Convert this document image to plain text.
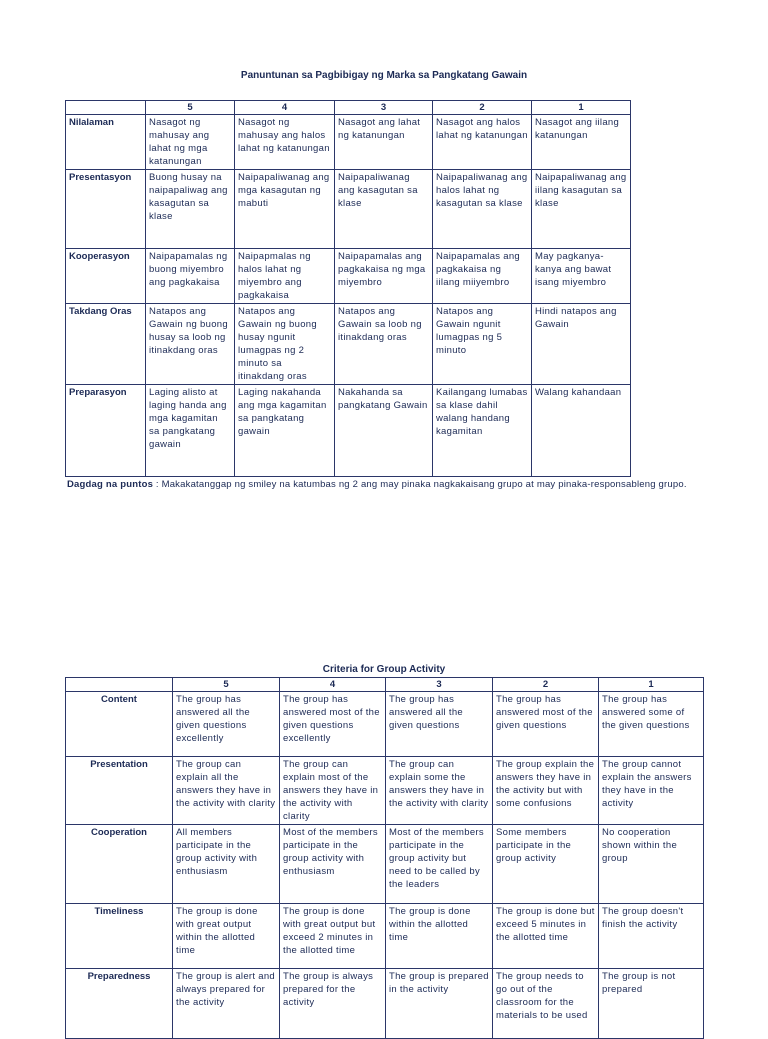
Panuntunan sa Pagbibigay ng Marka sa Pangkatang Gawain
	5	4	3	2	1
Nilalaman	Nasagot ng mahusay ang lahat ng mga katanungan	Nasagot ng mahusay ang halos lahat ng katanungan	Nasagot ang lahat ng katanungan	Nasagot ang halos lahat ng katanungan	Nasagot ang iilang katanungan
Presentasyon	Buong husay na naipapaliwag ang kasagutan sa klase	Naipapaliwanag ang mga kasagutan ng mabuti	Naipapaliwanag ang kasagutan sa klase	Naipapaliwanag ang halos lahat ng kasagutan sa klase	Naipapaliwanag ang iilang kasagutan sa klase
Kooperasyon	Naipapamalas ng buong miyembro ang pagkakaisa	Naipapmalas ng halos lahat ng miyembro ang pagkakaisa	Naipapamalas ang pagkakaisa ng mga miyembro	Naipapamalas ang pagkakaisa ng iilang miiyembro	May pagkanya-kanya ang bawat isang miyembro
Takdang Oras	Natapos ang Gawain ng buong husay sa loob ng itinakdang oras	Natapos ang Gawain ng buong husay ngunit lumagpas ng 2 minuto sa itinakdang oras	Natapos ang Gawain sa loob ng itinakdang oras	Natapos ang Gawain ngunit lumagpas ng 5 minuto	Hindi natapos ang Gawain
Preparasyon	Laging alisto at laging handa ang mga kagamitan sa pangkatang gawain	Laging nakahanda ang mga kagamitan sa pangkatang gawain	Nakahanda sa pangkatang Gawain	Kailangang lumabas sa klase dahil walang handang kagamitan	Walang kahandaan
Dagdag na puntos : Makakatanggap ng smiley na katumbas ng 2 ang may pinaka nagkakaisang grupo at may pinaka-responsableng grupo.
Criteria for Group Activity
	5	4	3	2	1
Content	The group has answered all the given questions excellently	The group has answered most of the given questions excellently	The group has answered all the given questions	The group has answered most of the given questions	The group has answered some of the given questions
Presentation	The group can explain all the answers they have in the activity with clarity	The group can explain most of the answers they have in the activity with clarity	The group can explain some the answers they have in the activity with clarity	The group explain the answers they have in the activity but with some confusions	The group cannot explain the answers they have in the activity
Cooperation	All members participate in the group activity with enthusiasm	Most of the members participate in the group activity with enthusiasm	Most of the members participate in the group activity but need to be called by the leaders	Some members participate in the group activity	No cooperation shown within the group
Timeliness	The group is done with great output within the allotted time	The group is done with great output but exceed 2 minutes in the allotted time	The group is done within the allotted time	The group is done but exceed 5 minutes in the allotted time	The group doesn't finish the activity
Preparedness	The group is alert and always prepared for the activity	The group is always prepared for the activity	The group is prepared in the activity	The group needs to go out of the classroom for the materials to be used	The group is not prepared
